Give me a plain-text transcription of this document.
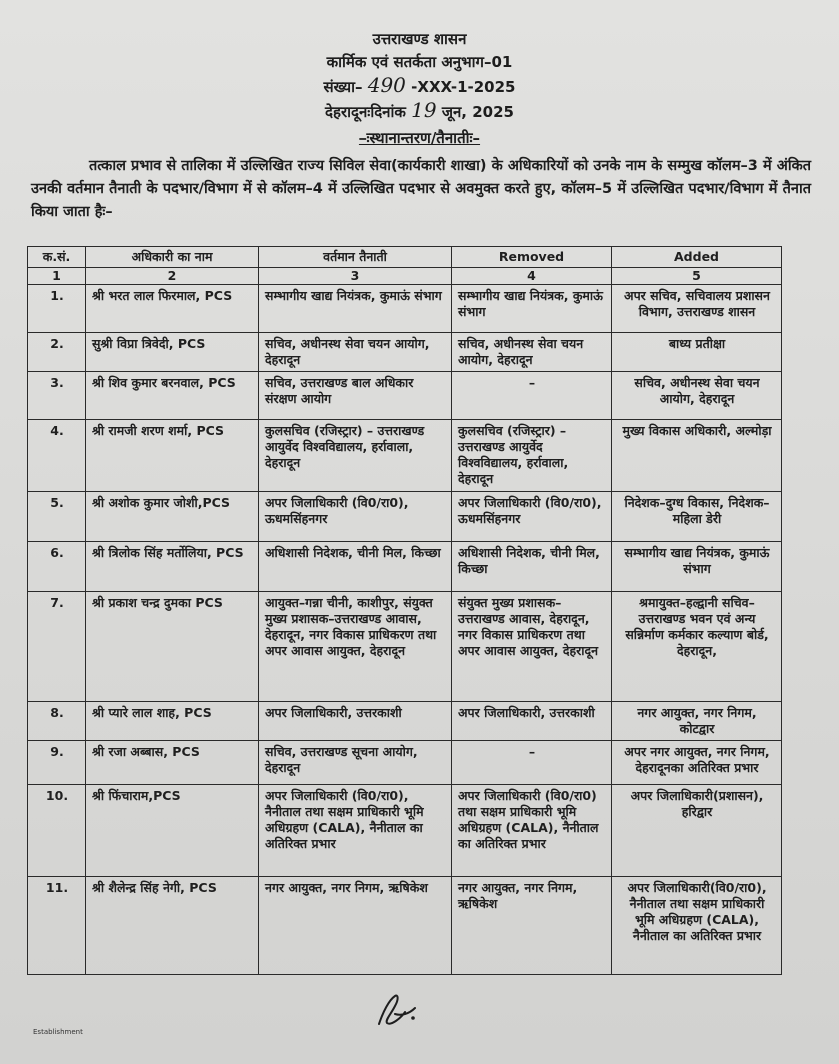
उत्तराखण्ड शासन
कार्मिक एवं सतर्कता अनुभाग–01
संख्या– 490 -XXX-1-2025
देहरादूनःदिनांक 19 जून, 2025
–ःस्थानान्तरण/तैनातीः–
तत्काल प्रभाव से तालिका में उल्लिखित राज्य सिविल सेवा(कार्यकारी शाखा) के अधिकारियों को उनके नाम के सम्मुख कॉलम–3 में अंकित उनकी वर्तमान तैनाती के पदभार/विभाग में से कॉलम–4 में उल्लिखित पदभार से अवमुक्त करते हुए, कॉलम–5 में उल्लिखित पदभार/विभाग में तैनात किया जाता हैः–
क.सं.	अधिकारी का नाम	वर्तमान तैनाती	Removed	Added
1	2	3	4	5
1.	श्री भरत लाल फिरमाल, PCS	सम्भागीय खाद्य नियंत्रक, कुमाऊं संभाग	सम्भागीय खाद्य नियंत्रक, कुमाऊं संभाग	अपर सचिव, सचिवालय प्रशासन विभाग, उत्तराखण्ड शासन
2.	सुश्री विप्रा त्रिवेदी, PCS	सचिव, अधीनस्थ सेवा चयन आयोग, देहरादून	सचिव, अधीनस्थ सेवा चयन आयोग, देहरादून	बाध्य प्रतीक्षा
3.	श्री शिव कुमार बरनवाल, PCS	सचिव, उत्तराखण्ड बाल अधिकार संरक्षण आयोग	–	सचिव, अधीनस्थ सेवा चयन आयोग, देहरादून
4.	श्री रामजी शरण शर्मा, PCS	कुलसचिव (रजिस्ट्रार) – उत्तराखण्ड आयुर्वेद विश्वविद्यालय, हर्रावाला, देहरादून	कुलसचिव (रजिस्ट्रार) – उत्तराखण्ड आयुर्वेद विश्वविद्यालय, हर्रावाला, देहरादून	मुख्य विकास अधिकारी, अल्मोड़ा
5.	श्री अशोक कुमार जोशी,PCS	अपर जिलाधिकारी (वि0/रा0), ऊधमसिंहनगर	अपर जिलाधिकारी (वि0/रा0), ऊधमसिंहनगर	निदेशक–दुग्ध विकास, निदेशक–महिला डेरी
6.	श्री त्रिलोक सिंह मर्तोलिया, PCS	अधिशासी निदेशक, चीनी मिल, किच्छा	अधिशासी निदेशक, चीनी मिल, किच्छा	सम्भागीय खाद्य नियंत्रक, कुमाऊं संभाग
7.	श्री प्रकाश चन्द्र दुमका PCS	आयुक्त–गन्ना चीनी, काशीपुर, संयुक्त मुख्य प्रशासक–उत्तराखण्ड आवास, देहरादून, नगर विकास प्राधिकरण तथा अपर आवास आयुक्त, देहरादून	संयुक्त मुख्य प्रशासक–उत्तराखण्ड आवास, देहरादून, नगर विकास प्राधिकरण तथा अपर आवास आयुक्त, देहरादून	श्रमायुक्त–हल्द्वानी सचिव–उत्तराखण्ड भवन एवं अन्य सन्निर्माण कर्मकार कल्याण बोर्ड, देहरादून,
8.	श्री प्यारे लाल शाह, PCS	अपर जिलाधिकारी, उत्तरकाशी	अपर जिलाधिकारी, उत्तरकाशी	नगर आयुक्त, नगर निगम, कोटद्वार
9.	श्री रजा अब्बास, PCS	सचिव, उत्तराखण्ड सूचना आयोग, देहरादून	–	अपर नगर आयुक्त, नगर निगम, देहरादूनका अतिरिक्त प्रभार
10.	श्री फिंचाराम,PCS	अपर जिलाधिकारी (वि0/रा0), नैनीताल तथा सक्षम प्राधिकारी भूमि अधिग्रहण (CALA), नैनीताल का अतिरिक्त प्रभार	अपर जिलाधिकारी (वि0/रा0) तथा सक्षम प्राधिकारी भूमि अधिग्रहण (CALA), नैनीताल का अतिरिक्त प्रभार	अपर जिलाधिकारी(प्रशासन), हरिद्वार
11.	श्री शैलेन्द्र सिंह नेगी, PCS	नगर आयुक्त, नगर निगम, ऋषिकेश	नगर आयुक्त, नगर निगम, ऋषिकेश	अपर जिलाधिकारी(वि0/रा0), नैनीताल तथा सक्षम प्राधिकारी भूमि अधिग्रहण (CALA), नैनीताल का अतिरिक्त प्रभार
Establishment
